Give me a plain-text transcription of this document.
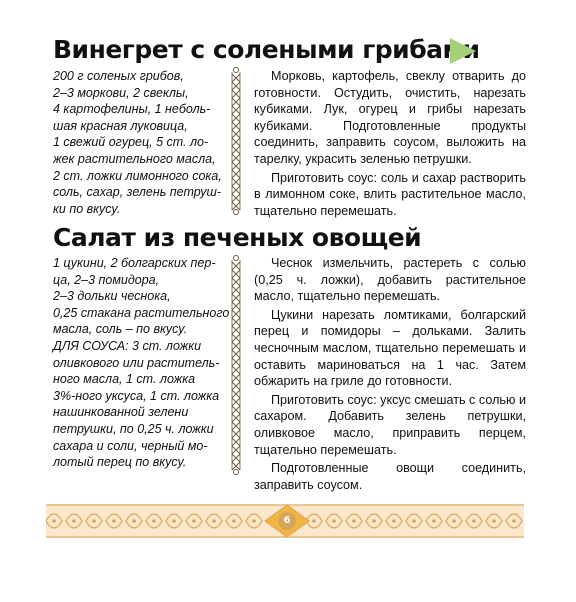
Винегрет с солеными грибами
200 г соленых грибов,
2–3 моркови, 2 свеклы,
4 картофелины, 1 неболь-
шая красная луковица,
1 свежий огурец, 5 ст. ло-
жек растительного масла,
2 ст. ложки лимонного сока,
соль, сахар, зелень петруш-
ки по вкусу.

Морковь, картофель, свеклу отварить до готовности. Остудить, очистить, нарезать кубиками. Лук, огурец и грибы нарезать кубиками. Подготовленные продукты соединить, заправить соусом, выложить на тарелку, украсить зеленью петрушки.

Приготовить соус: соль и сахар растворить в лимонном соке, влить растительное масло, тщательно перемешать.

Салат из печеных овощей
1 цукини, 2 болгарских пер-
ца, 2–3 помидора,
2–3 дольки чеснока,
0,25 стакана растительного
масла, соль – по вкусу.
ДЛЯ СОУСА: 3 ст. ложки
оливкового или раститель-
ного масла, 1 ст. ложка
3%-ного уксуса, 1 ст. ложка
нашинкованной зелени
петрушки, по 0,25 ч. ложки
сахара и соли, черный мо-
лотый перец по вкусу.

Чеснок измельчить, растереть с солью (0,25 ч. ложки), добавить растительное масло, тщательно перемешать.

Цукини нарезать ломтиками, болгарский перец и помидоры – дольками. Залить чесночным маслом, тщательно перемешать и оставить мариноваться на 1 час. Затем обжарить на гриле до готовности.

Приготовить соус: уксус смешать с солью и сахаром. Добавить зелень петрушки, оливковое масло, приправить перцем, тщательно перемешать.

Подготовленные овощи соединить, заправить соусом.

6
